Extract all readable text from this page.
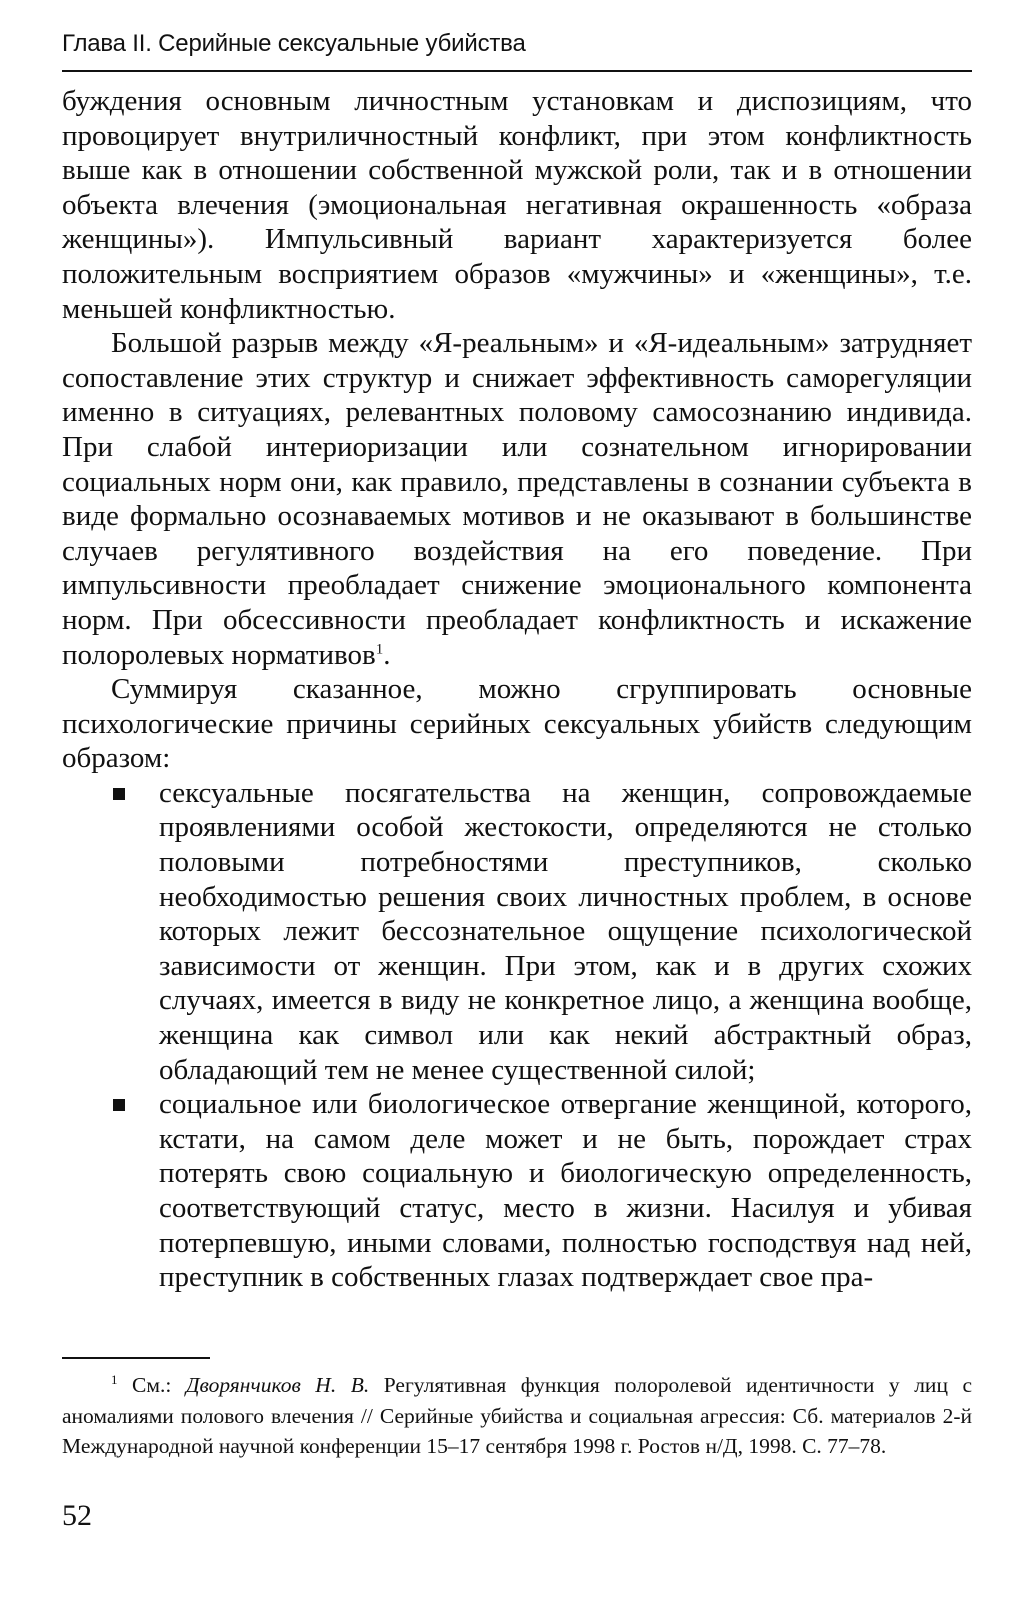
Глава II. Серийные сексуальные убийства

буждения основным личностным установкам и диспозициям, что провоцирует внутриличностный конфликт, при этом конфликтность выше как в отношении собственной мужской роли, так и в отношении объекта влечения (эмоциональная негативная окрашенность «образа женщины»). Импульсивный вариант характеризуется более положительным восприятием образов «мужчины» и «женщины», т.е. меньшей конфликтностью.

Большой разрыв между «Я-реальным» и «Я-идеальным» затрудняет сопоставление этих структур и снижает эффективность саморегуляции именно в ситуациях, релевантных половому самосознанию индивида. При слабой интериоризации или сознательном игнорировании социальных норм они, как правило, представлены в сознании субъекта в виде формально осознаваемых мотивов и не оказывают в большинстве случаев регулятивного воздействия на его поведение. При импульсивности преобладает снижение эмоционального компонента норм. При обсессивности преобладает конфликтность и искажение полоролевых нормативов$^1$.

Суммируя сказанное, можно сгруппировать основные психологические причины серийных сексуальных убийств следующим образом:

сексуальные посягательства на женщин, сопровождаемые проявлениями особой жестокости, определяются не столько половыми потребностями преступников, сколько необходимостью решения своих личностных проблем, в основе которых лежит бессознательное ощущение психологической зависимости от женщин. При этом, как и в других схожих случаях, имеется в виду не конкретное лицо, а женщина вообще, женщина как символ или как некий абстрактный образ, обладающий тем не менее существенной силой;
социальное или биологическое отвергание женщиной, которого, кстати, на самом деле может и не быть, порождает страх потерять свою социальную и биологическую определенность, соответствующий статус, место в жизни. Насилуя и убивая потерпевшую, иными словами, полностью господствуя над ней, преступник в собственных глазах подтверждает свое пра-
$^1$ См.: Дворянчиков Н. В. Регулятивная функция полоролевой идентичности у лиц с аномалиями полового влечения // Серийные убийства и социальная агрессия: Сб. материалов 2-й Международной научной конференции 15–17 сентября 1998 г. Ростов н/Д, 1998. С. 77–78.
52
